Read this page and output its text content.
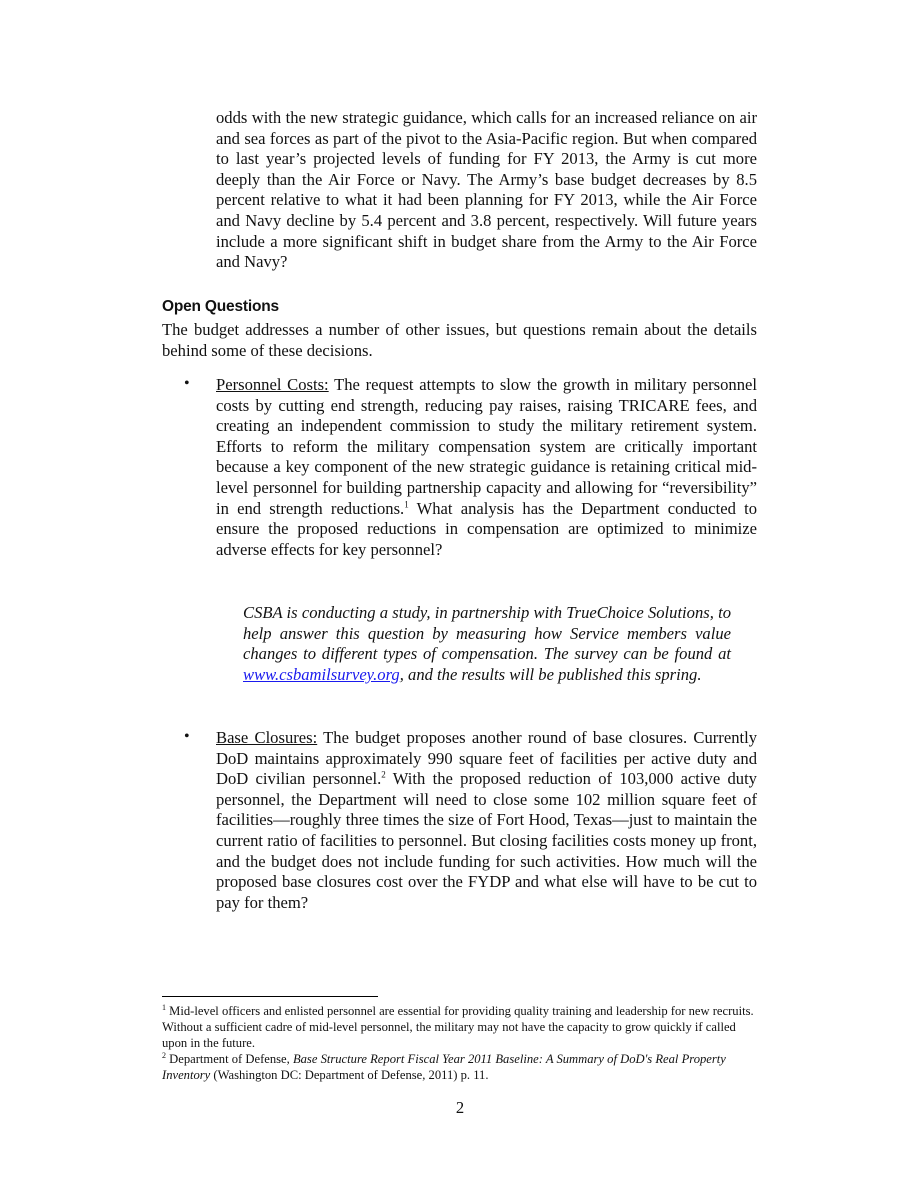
odds with the new strategic guidance, which calls for an increased reliance on air and sea forces as part of the pivot to the Asia-Pacific region. But when compared to last year’s projected levels of funding for FY 2013, the Army is cut more deeply than the Air Force or Navy. The Army’s base budget decreases by 8.5 percent relative to what it had been planning for FY 2013, while the Air Force and Navy decline by 5.4 percent and 3.8 percent, respectively. Will future years include a more significant shift in budget share from the Army to the Air Force and Navy?

Open Questions

The budget addresses a number of other issues, but questions remain about the details behind some of these decisions.

• Personnel Costs: The request attempts to slow the growth in military personnel costs by cutting end strength, reducing pay raises, raising TRICARE fees, and creating an independent commission to study the military retirement system. Efforts to reform the military compensation system are critically important because a key component of the new strategic guidance is retaining critical mid-level personnel for building partnership capacity and allowing for “reversibility” in end strength reductions.$^1$ What analysis has the Department conducted to ensure the proposed reductions in compensation are optimized to minimize adverse effects for key personnel?

CSBA is conducting a study, in partnership with TrueChoice Solutions, to help answer this question by measuring how Service members value changes to different types of compensation. The survey can be found at www.csbamilsurvey.org, and the results will be published this spring.

• Base Closures: The budget proposes another round of base closures. Currently DoD maintains approximately 990 square feet of facilities per active duty and DoD civilian personnel.$^2$ With the proposed reduction of 103,000 active duty personnel, the Department will need to close some 102 million square feet of facilities—roughly three times the size of Fort Hood, Texas—just to maintain the current ratio of facilities to personnel. But closing facilities costs money up front, and the budget does not include funding for such activities. How much will the proposed base closures cost over the FYDP and what else will have to be cut to pay for them?

$^1$ Mid-level officers and enlisted personnel are essential for providing quality training and leadership for new recruits. Without a sufficient cadre of mid-level personnel, the military may not have the capacity to grow quickly if called upon in the future.

$^2$ Department of Defense, Base Structure Report Fiscal Year 2011 Baseline: A Summary of DoD's Real Property Inventory (Washington DC: Department of Defense, 2011) p. 11.

2
